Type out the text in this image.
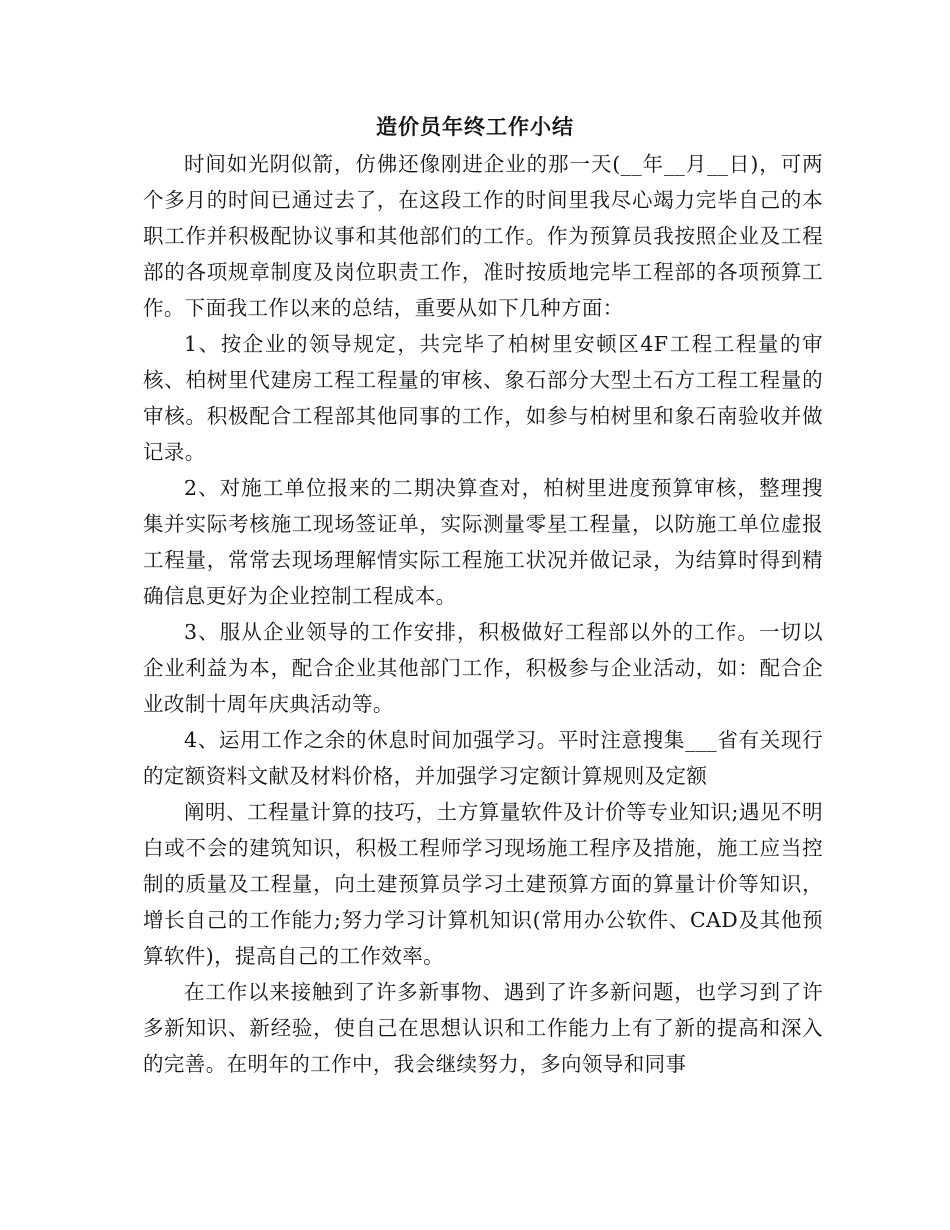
造价员年终工作小结

时间如光阴似箭，仿佛还像刚进企业的那一天(__年__月__日)，可两个多月的时间已通过去了，在这段工作的时间里我尽心竭力完毕自己的本职工作并积极配协议事和其他部们的工作。作为预算员我按照企业及工程部的各项规章制度及岗位职责工作，准时按质地完毕工程部的各项预算工作。下面我工作以来的总结，重要从如下几种方面：

1、按企业的领导规定，共完毕了柏树里安顿区4F工程工程量的审核、柏树里代建房工程工程量的审核、象石部分大型土石方工程工程量的审核。积极配合工程部其他同事的工作，如参与柏树里和象石南验收并做记录。

2、对施工单位报来的二期决算查对，柏树里进度预算审核，整理搜集并实际考核施工现场签证单，实际测量零星工程量，以防施工单位虚报工程量，常常去现场理解情实际工程施工状况并做记录，为结算时得到精确信息更好为企业控制工程成本。

3、服从企业领导的工作安排，积极做好工程部以外的工作。一切以企业利益为本，配合企业其他部门工作，积极参与企业活动，如：配合企业改制十周年庆典活动等。

4、运用工作之余的休息时间加强学习。平时注意搜集___省有关现行的定额资料文献及材料价格，并加强学习定额计算规则及定额

阐明、工程量计算的技巧，土方算量软件及计价等专业知识;遇见不明白或不会的建筑知识，积极工程师学习现场施工程序及措施，施工应当控制的质量及工程量，向土建预算员学习土建预算方面的算量计价等知识，增长自己的工作能力;努力学习计算机知识(常用办公软件、CAD及其他预算软件)，提高自己的工作效率。

在工作以来接触到了许多新事物、遇到了许多新问题，也学习到了许多新知识、新经验，使自己在思想认识和工作能力上有了新的提高和深入的完善。在明年的工作中，我会继续努力，多向领导和同事
